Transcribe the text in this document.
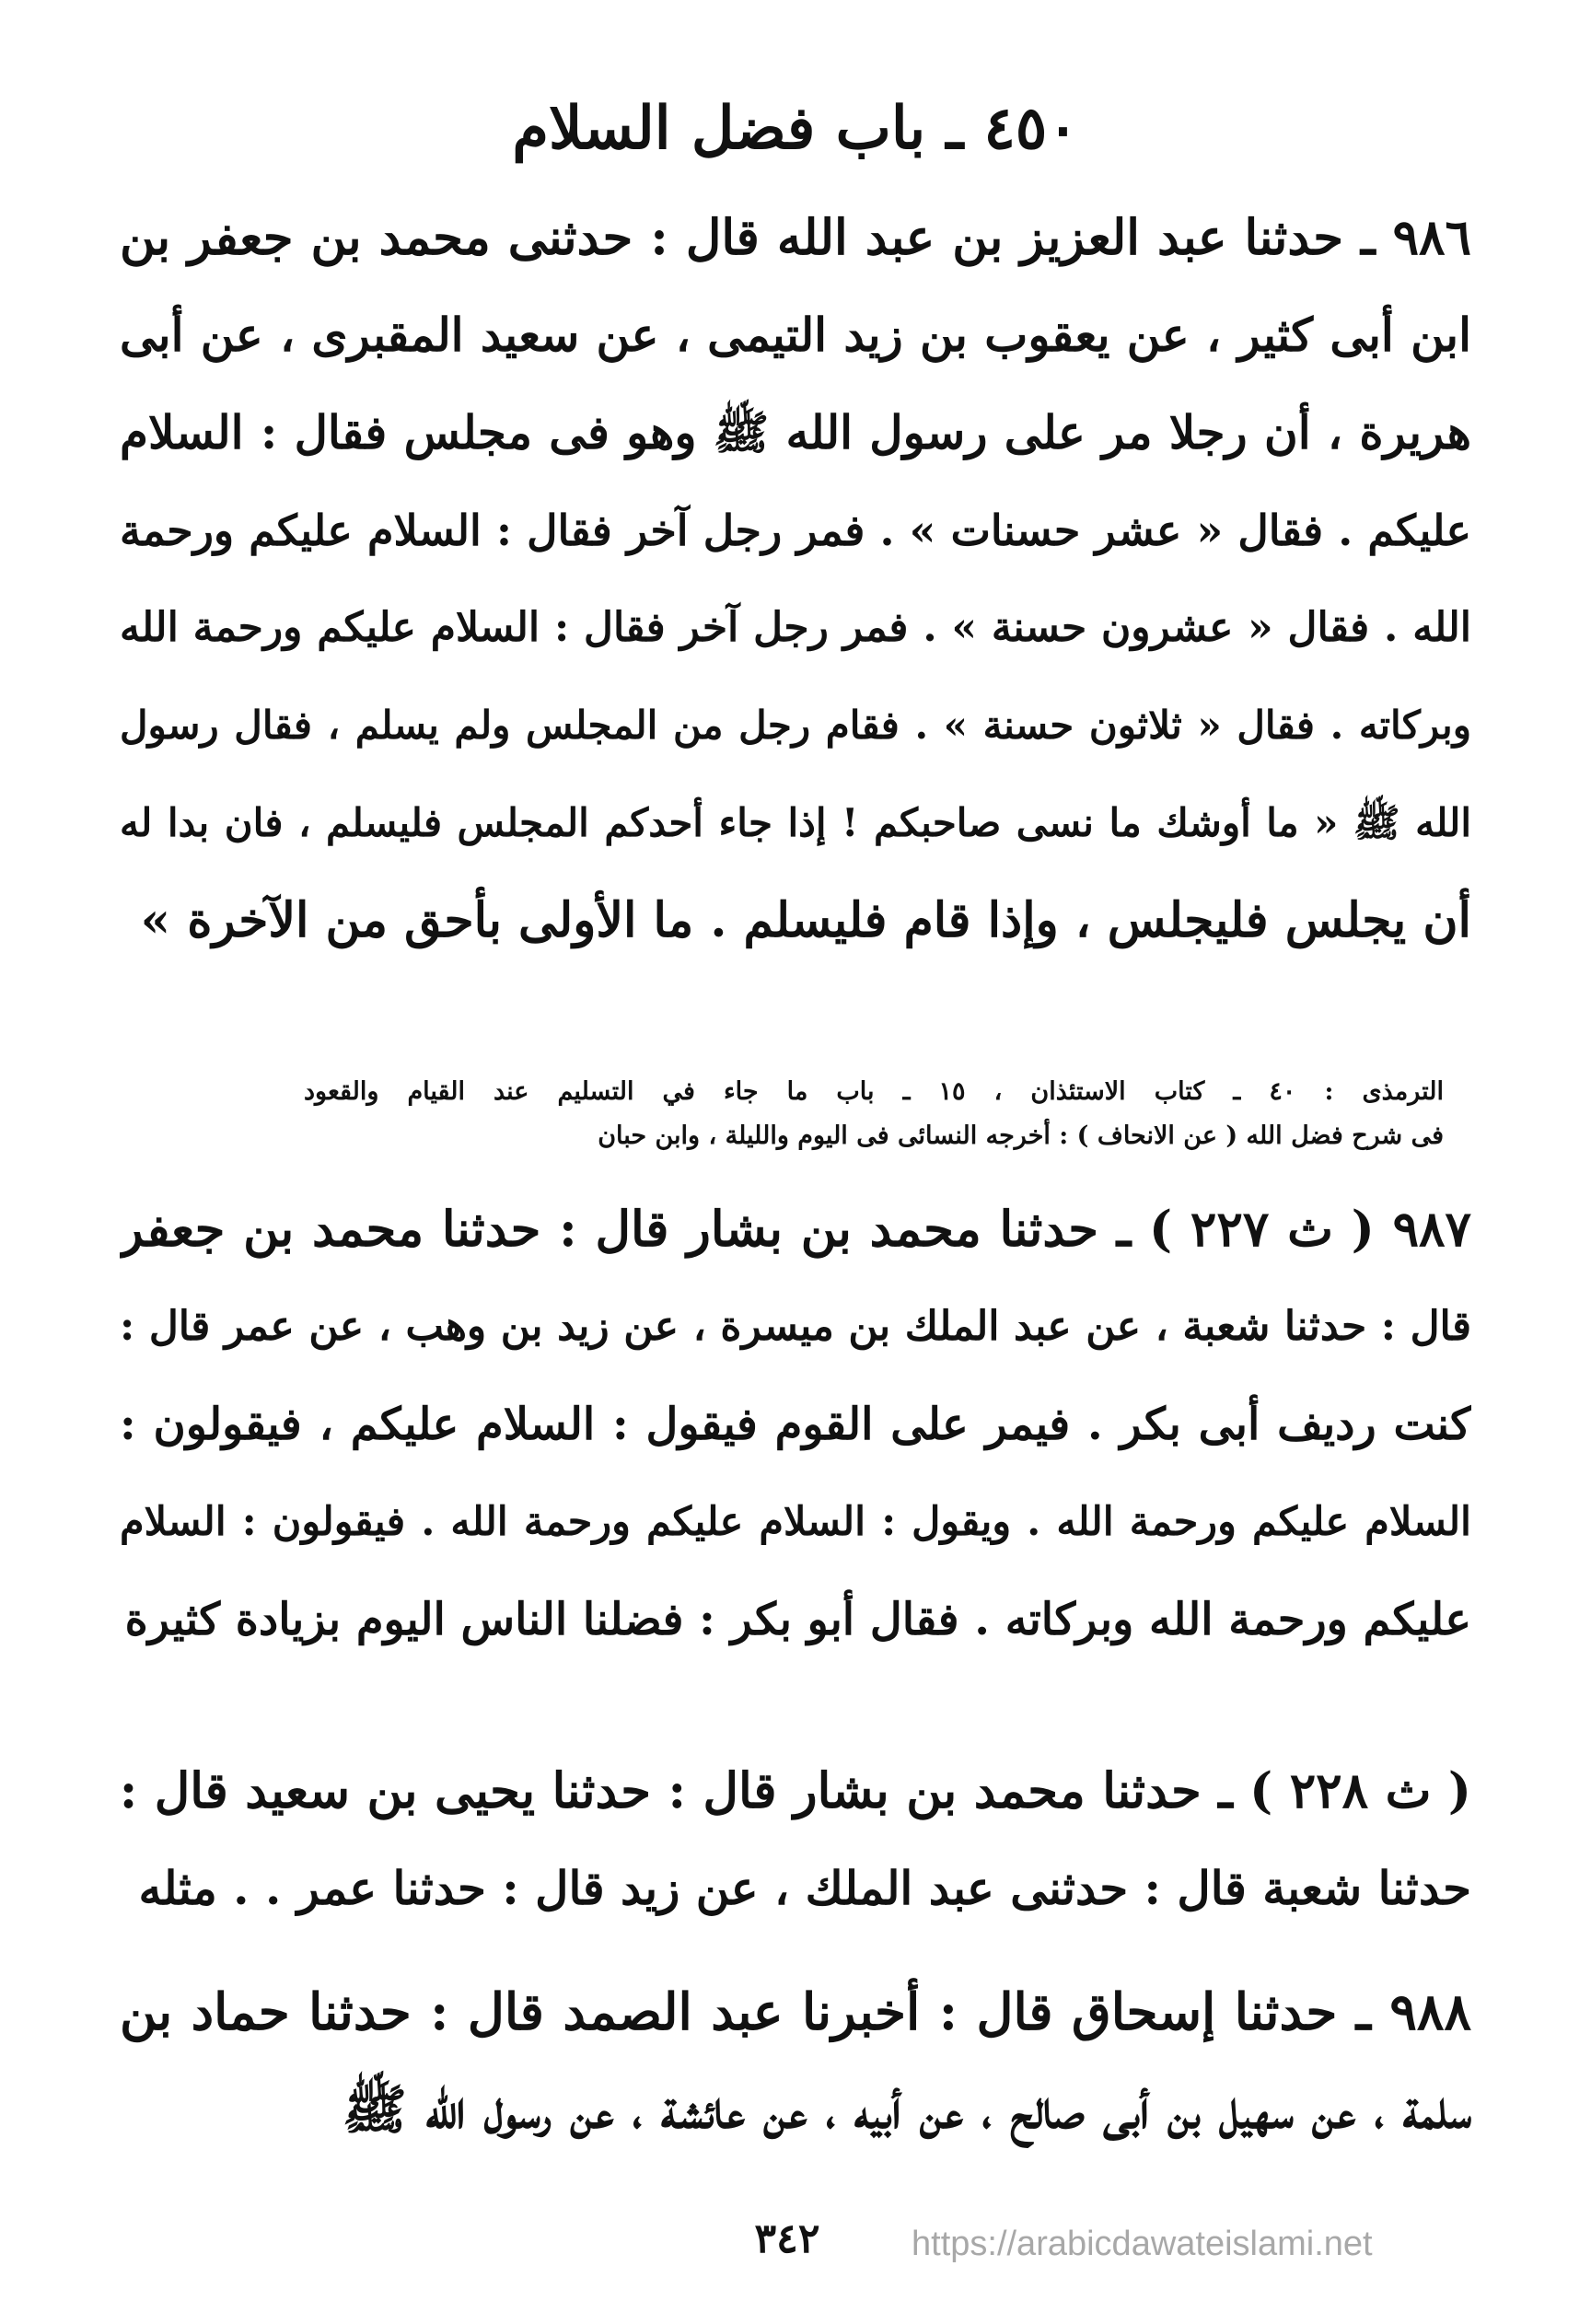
٤٥٠ ـ باب فضل السلام
٩٨٦ ـ حدثنا عبد العزيز بن عبد الله قال : حدثنى محمد بن جعفر بن
ابن أبى كثير ، عن يعقوب بن زيد التيمى ، عن سعيد المقبرى ، عن أبى
هريرة ، أن رجلا مر على رسول الله ﷺ وهو فى مجلس فقال : السلام
عليكم . فقال « عشر حسنات » . فمر رجل آخر فقال : السلام عليكم ورحمة
الله . فقال « عشرون حسنة » . فمر رجل آخر فقال : السلام عليكم ورحمة الله
وبركاته . فقال « ثلاثون حسنة » . فقام رجل من المجلس ولم يسلم ، فقال رسول
الله ﷺ « ما أوشك ما نسى صاحبكم ! إذا جاء أحدكم المجلس فليسلم ، فان بدا له
أن يجلس فليجلس ، وإذا قام فليسلم . ما الأولى بأحق من الآخرة »
الترمذى : ٤٠ ـ كتاب الاستئذان ، ١٥ ـ باب ما جاء في التسليم عند القيام والقعود
فى شرح فضل الله ( عن الانحاف ) : أخرجه النسائى فى اليوم والليلة ، وابن حبان
٩٨٧ ( ث ٢٢٧ ) ـ حدثنا محمد بن بشار قال : حدثنا محمد بن جعفر
قال : حدثنا شعبة ، عن عبد الملك بن ميسرة ، عن زيد بن وهب ، عن عمر قال :
كنت رديف أبى بكر . فيمر على القوم فيقول : السلام عليكم ، فيقولون :
السلام عليكم ورحمة الله . ويقول : السلام عليكم ورحمة الله . فيقولون : السلام
عليكم ورحمة الله وبركاته . فقال أبو بكر : فضلنا الناس اليوم بزيادة كثيرة
( ث ٢٢٨ ) ـ حدثنا محمد بن بشار قال : حدثنا يحيى بن سعيد قال :
حدثنا شعبة قال : حدثنى عبد الملك ، عن زيد قال : حدثنا عمر . . مثله
٩٨٨ ـ حدثنا إسحاق قال : أخبرنا عبد الصمد قال : حدثنا حماد بن
سلمة ، عن سهيل بن أبى صالح ، عن أبيه ، عن عائشة ، عن رسول الله ﷺ
٣٤٢	https://arabicdawateislami.net
